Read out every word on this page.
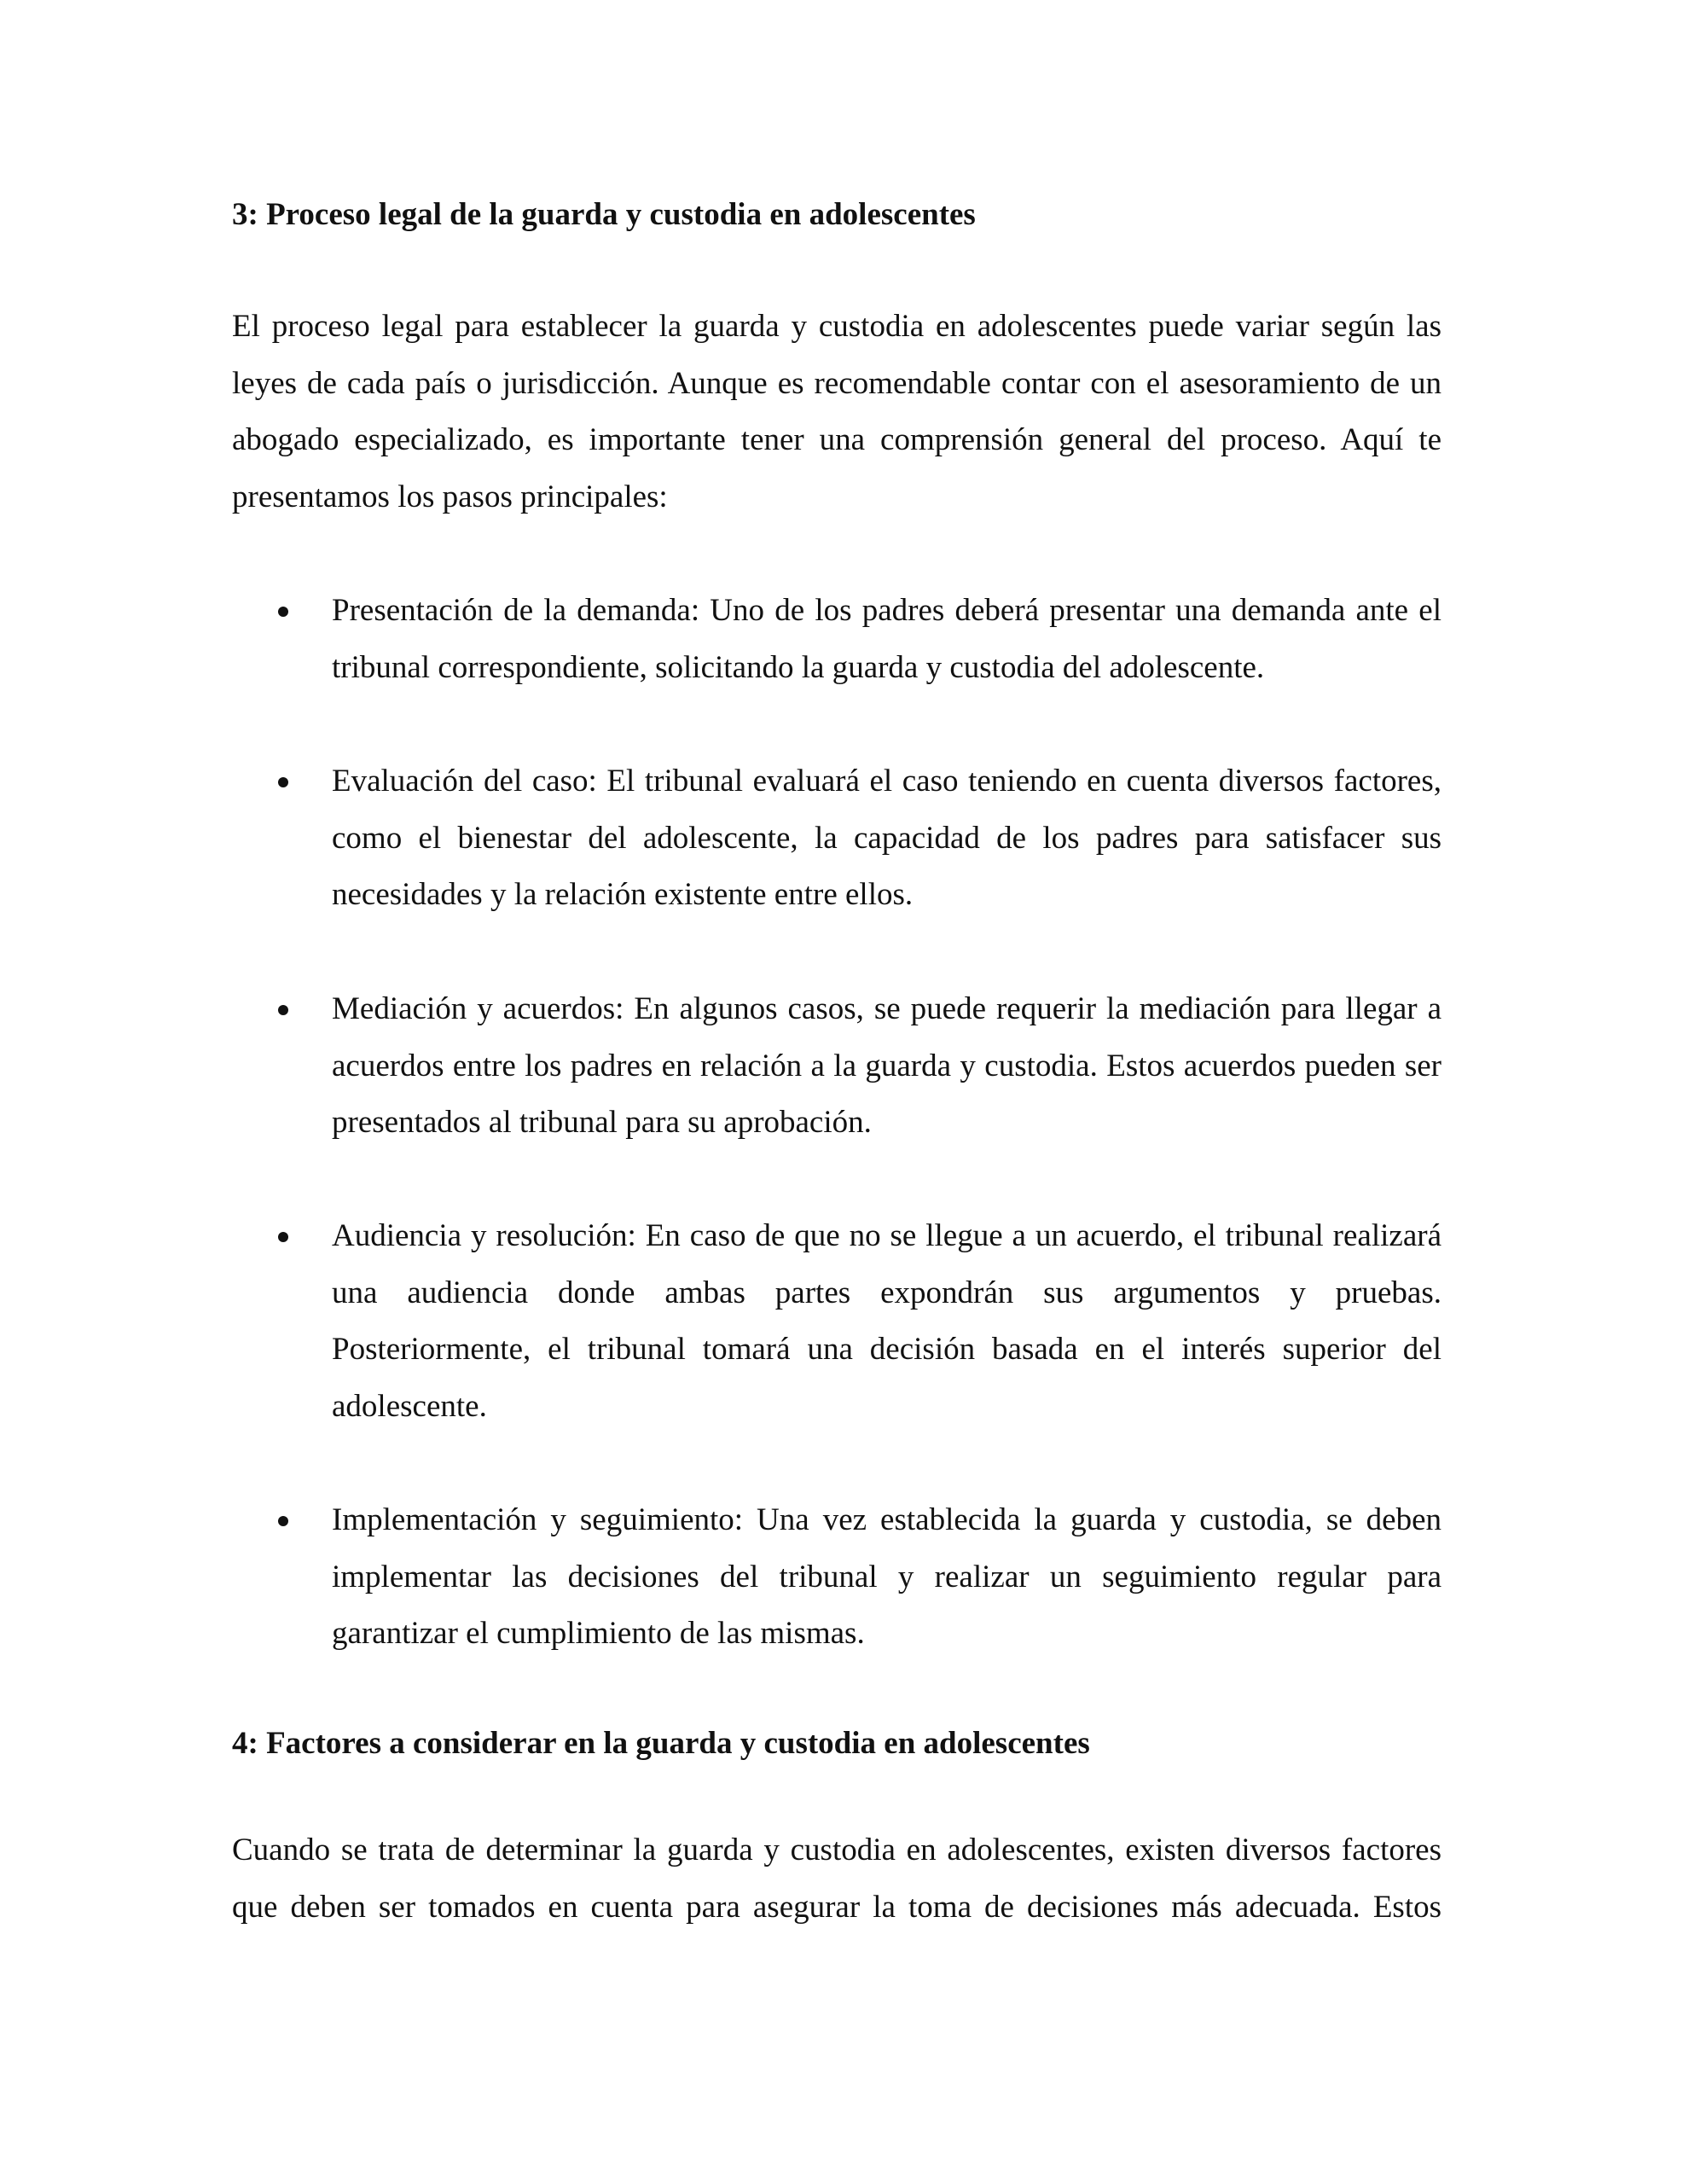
3: Proceso legal de la guarda y custodia en adolescentes

El proceso legal para establecer la guarda y custodia en adolescentes puede variar según las leyes de cada país o jurisdicción. Aunque es recomendable contar con el asesoramiento de un abogado especializado, es importante tener una comprensión general del proceso. Aquí te presentamos los pasos principales:

Presentación de la demanda: Uno de los padres deberá presentar una demanda ante el tribunal correspondiente, solicitando la guarda y custodia del adolescente.

Evaluación del caso: El tribunal evaluará el caso teniendo en cuenta diversos factores, como el bienestar del adolescente, la capacidad de los padres para satisfacer sus necesidades y la relación existente entre ellos.

Mediación y acuerdos: En algunos casos, se puede requerir la mediación para llegar a acuerdos entre los padres en relación a la guarda y custodia. Estos acuerdos pueden ser presentados al tribunal para su aprobación.

Audiencia y resolución: En caso de que no se llegue a un acuerdo, el tribunal realizará una audiencia donde ambas partes expondrán sus argumentos y pruebas. Posteriormente, el tribunal tomará una decisión basada en el interés superior del adolescente.

Implementación y seguimiento: Una vez establecida la guarda y custodia, se deben implementar las decisiones del tribunal y realizar un seguimiento regular para garantizar el cumplimiento de las mismas.

4: Factores a considerar en la guarda y custodia en adolescentes

Cuando se trata de determinar la guarda y custodia en adolescentes, existen diversos factores que deben ser tomados en cuenta para asegurar la toma de decisiones más adecuada. Estos
